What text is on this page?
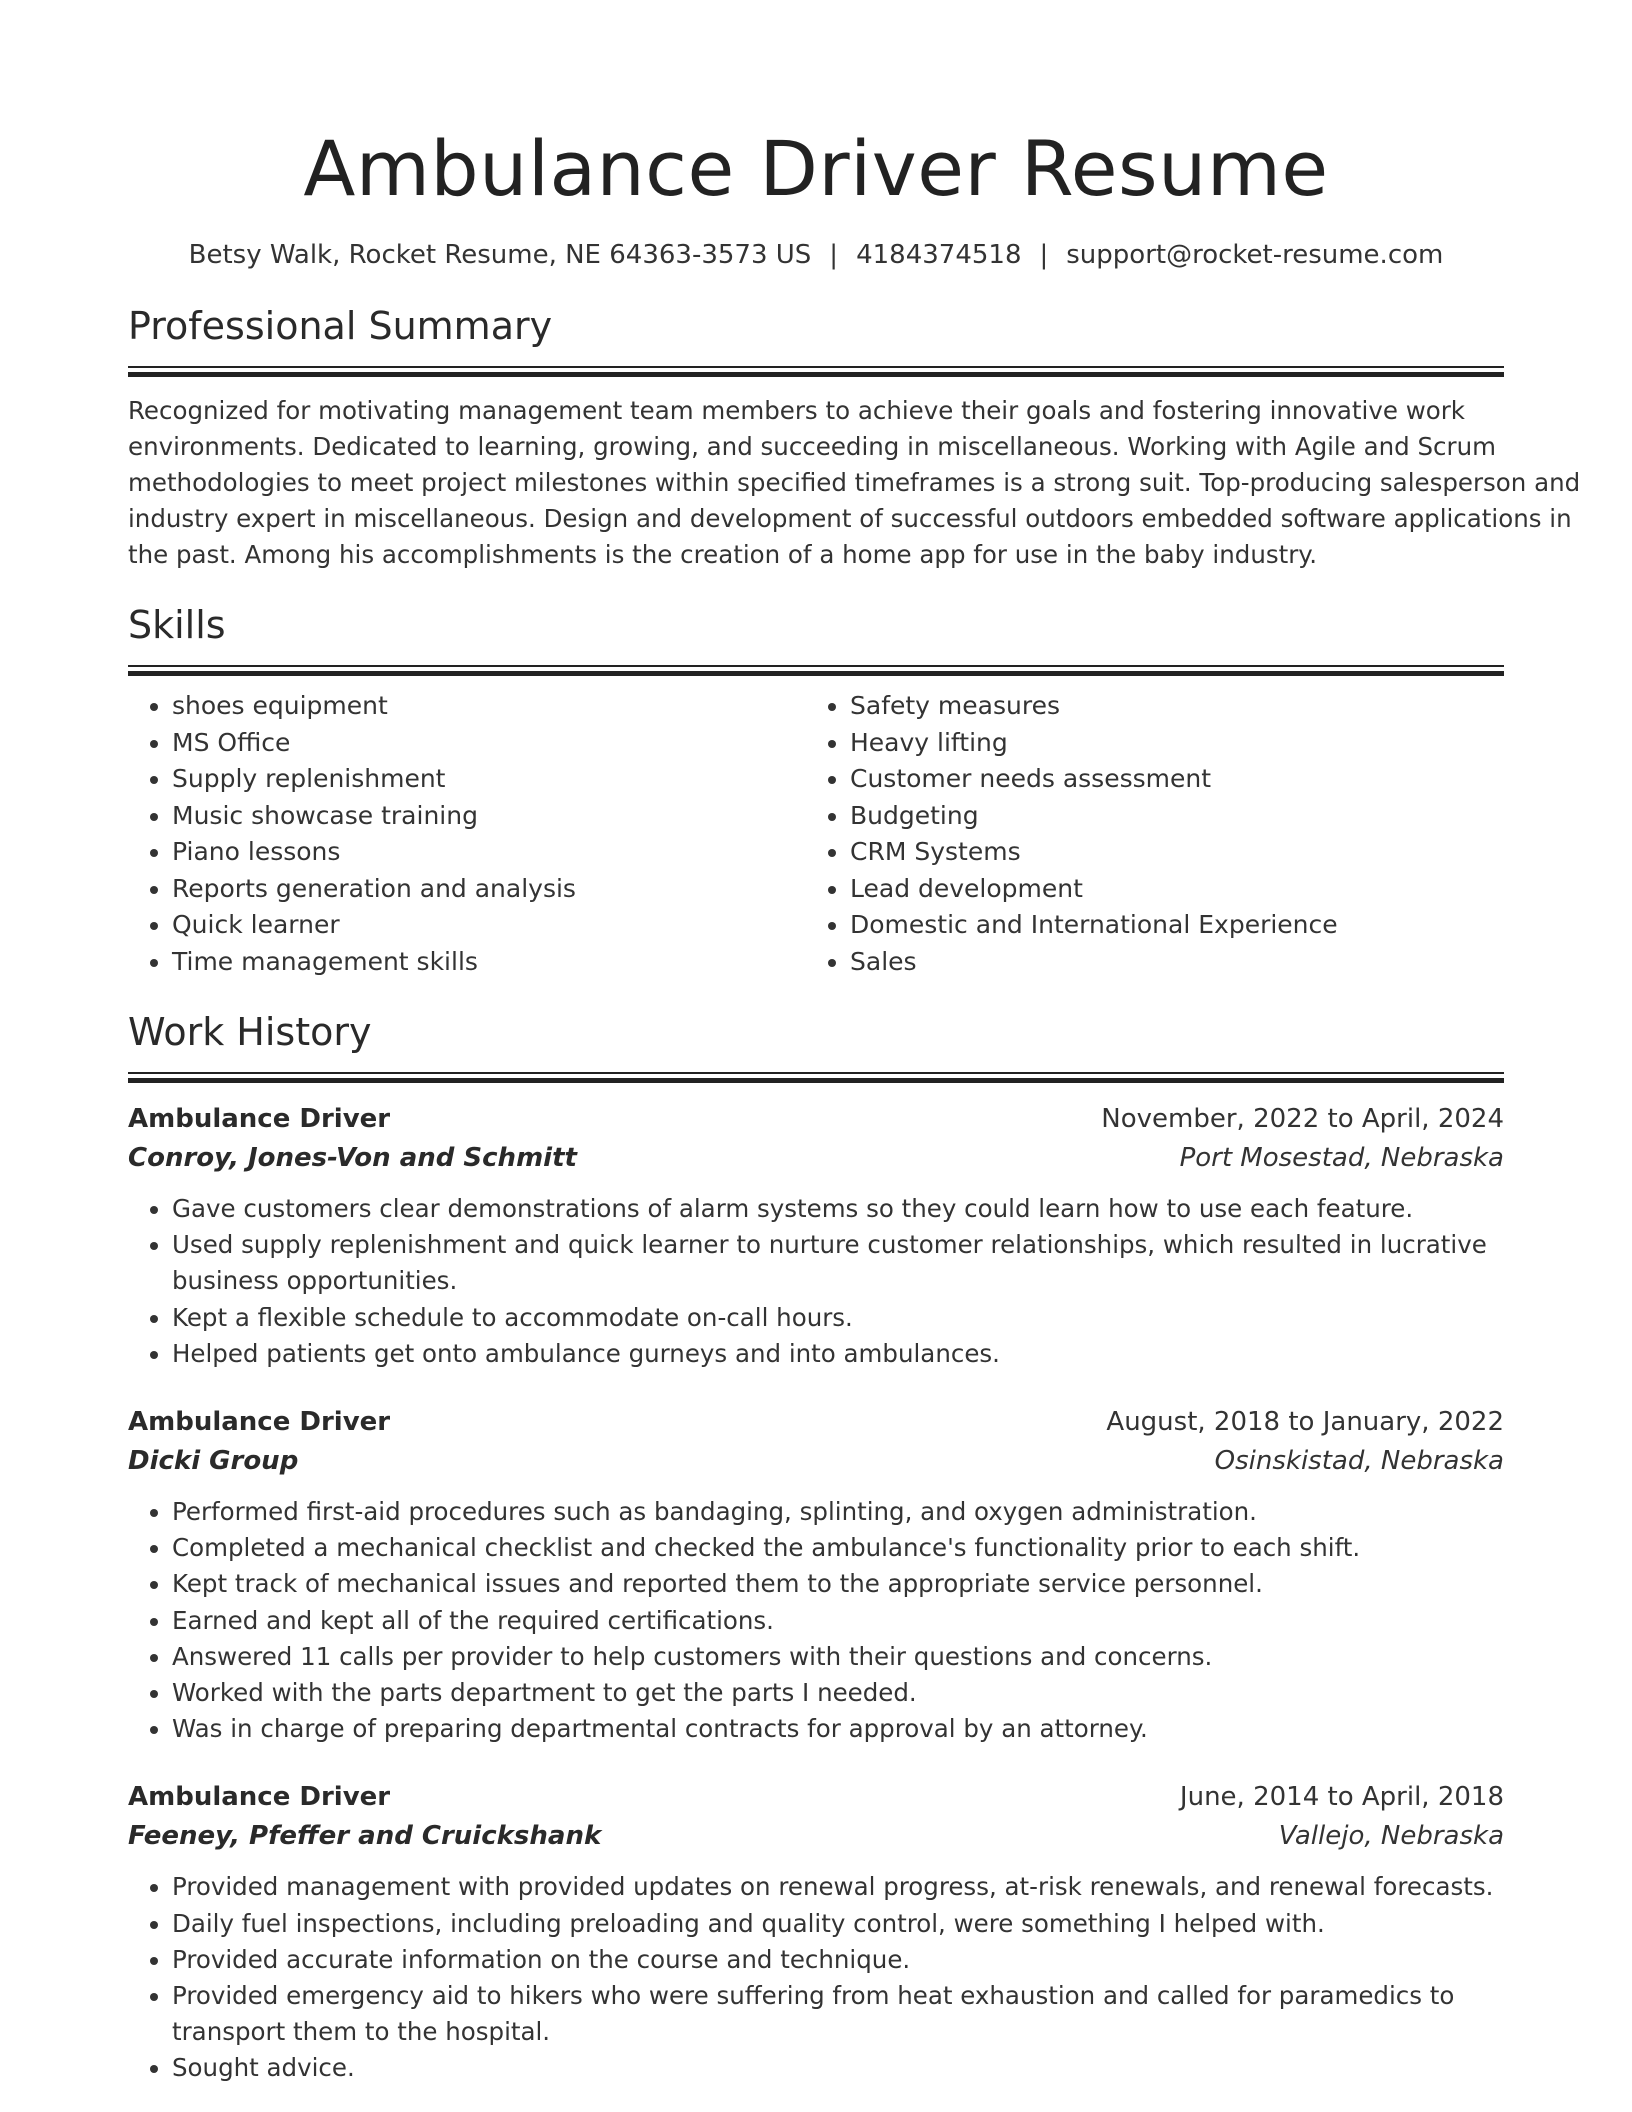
Ambulance Driver Resume
Betsy Walk, Rocket Resume, NE 64363-3573 US | 4184374518 | support@rocket-resume.com
Professional Summary

Recognized for motivating management team members to achieve their goals and fostering innovative work
environments. Dedicated to learning, growing, and succeeding in miscellaneous. Working with Agile and Scrum
methodologies to meet project milestones within specified timeframes is a strong suit. Top-producing salesperson and
industry expert in miscellaneous. Design and development of successful outdoors embedded software applications in
the past. Among his accomplishments is the creation of a home app for use in the baby industry.

Skills
• shoes equipment
• MS Office
• Supply replenishment
• Music showcase training
• Piano lessons
• Reports generation and analysis
• Quick learner
• Time management skills
• Safety measures
• Heavy lifting
• Customer needs assessment
• Budgeting
• CRM Systems
• Lead development
• Domestic and International Experience
• Sales
Work History
Ambulance Driver	November, 2022 to April, 2024
Conroy, Jones-Von and Schmitt	Port Mosestad, Nebraska
• Gave customers clear demonstrations of alarm systems so they could learn how to use each feature.
• Used supply replenishment and quick learner to nurture customer relationships, which resulted in lucrative business opportunities.
• Kept a flexible schedule to accommodate on-call hours.
• Helped patients get onto ambulance gurneys and into ambulances.
Ambulance Driver	August, 2018 to January, 2022
Dicki Group	Osinskistad, Nebraska
• Performed first-aid procedures such as bandaging, splinting, and oxygen administration.
• Completed a mechanical checklist and checked the ambulance's functionality prior to each shift.
• Kept track of mechanical issues and reported them to the appropriate service personnel.
• Earned and kept all of the required certifications.
• Answered 11 calls per provider to help customers with their questions and concerns.
• Worked with the parts department to get the parts I needed.
• Was in charge of preparing departmental contracts for approval by an attorney.
Ambulance Driver	June, 2014 to April, 2018
Feeney, Pfeffer and Cruickshank	Vallejo, Nebraska
• Provided management with provided updates on renewal progress, at-risk renewals, and renewal forecasts.
• Daily fuel inspections, including preloading and quality control, were something I helped with.
• Provided accurate information on the course and technique.
• Provided emergency aid to hikers who were suffering from heat exhaustion and called for paramedics to transport them to the hospital.
• Sought advice.
